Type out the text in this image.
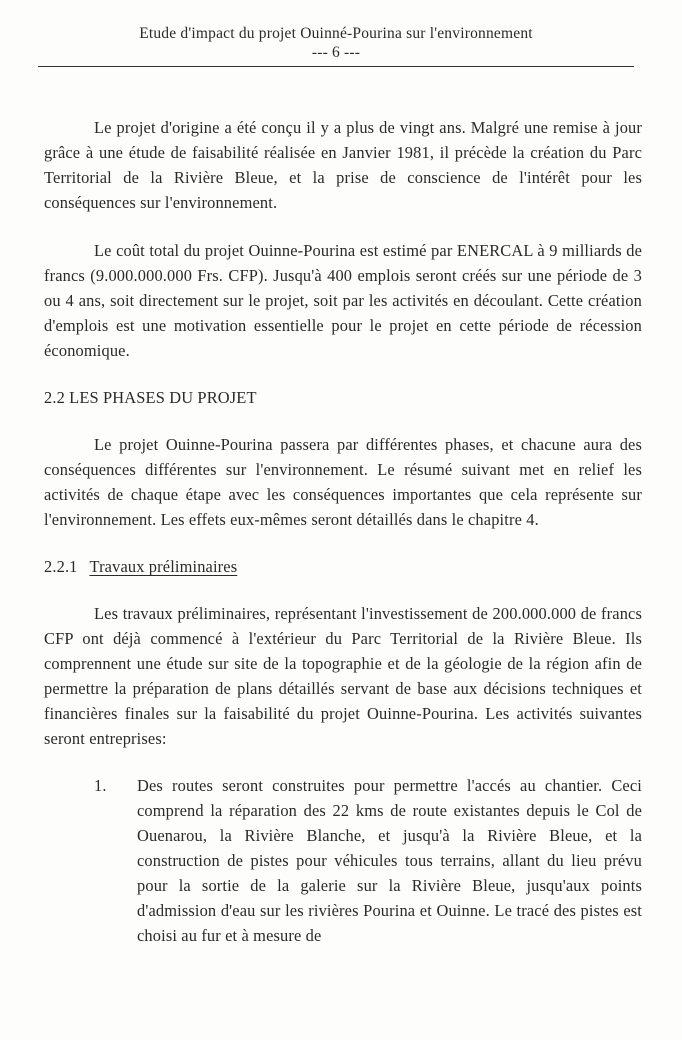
Etude d'impact du projet Ouinné-Pourina sur l'environnement
--- 6 ---

Le projet d'origine a été conçu il y a plus de vingt ans. Malgré une remise à jour grâce à une étude de faisabilité réalisée en Janvier 1981, il précède la création du Parc Territorial de la Rivière Bleue, et la prise de conscience de l'intérêt pour les conséquences sur l'environnement.

Le coût total du projet Ouinne-Pourina est estimé par ENERCAL à 9 milliards de francs (9.000.000.000 Frs. CFP). Jusqu'à 400 emplois seront créés sur une période de 3 ou 4 ans, soit directement sur le projet, soit par les activités en découlant. Cette création d'emplois est une motivation essentielle pour le projet en cette période de récession économique.

2.2 LES PHASES DU PROJET

Le projet Ouinne-Pourina passera par différentes phases, et chacune aura des conséquences différentes sur l'environnement. Le résumé suivant met en relief les activités de chaque étape avec les conséquences importantes que cela représente sur l'environnement. Les effets eux-mêmes seront détaillés dans le chapitre 4.

2.2.1 Travaux préliminaires

Les travaux préliminaires, représentant l'investissement de 200.000.000 de francs CFP ont déjà commencé à l'extérieur du Parc Territorial de la Rivière Bleue. Ils comprennent une étude sur site de la topographie et de la géologie de la région afin de permettre la préparation de plans détaillés servant de base aux décisions techniques et financières finales sur la faisabilité du projet Ouinne-Pourina. Les activités suivantes seront entreprises:

1. Des routes seront construites pour permettre l'accés au chantier. Ceci comprend la réparation des 22 kms de route existantes depuis le Col de Ouenarou, la Rivière Blanche, et jusqu'à la Rivière Bleue, et la construction de pistes pour véhicules tous terrains, allant du lieu prévu pour la sortie de la galerie sur la Rivière Bleue, jusqu'aux points d'admission d'eau sur les rivières Pourina et Ouinne. Le tracé des pistes est choisi au fur et à mesure de
